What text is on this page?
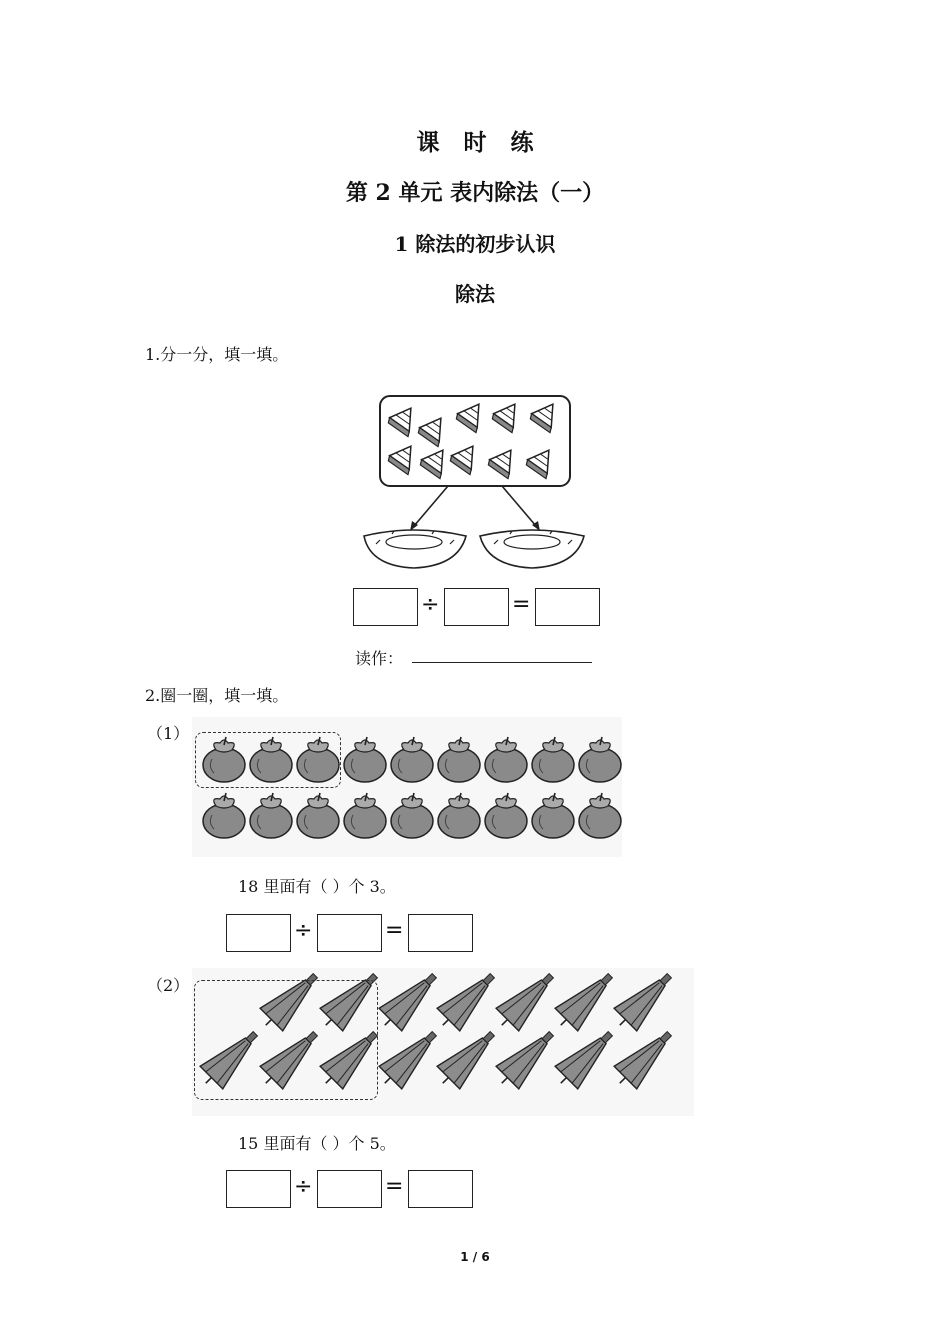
课时练
第 2 单元 表内除法（一）
1 除法的初步认识
除法
1.分一分，填一填。
÷	=
读作：
2.圈一圈，填一填。
（1）
18 里面有（ ）个 3。
÷	=
（2）
15 里面有（ ）个 5。
÷	=
1 / 6
